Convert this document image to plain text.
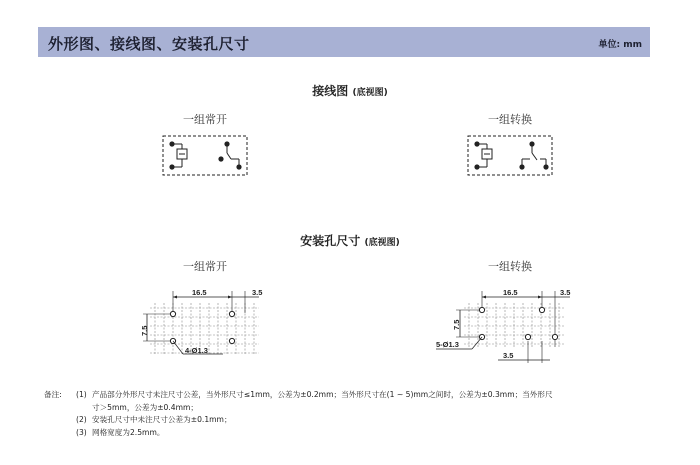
外形图、接线图、安装孔尺寸	单位: mm
接线图 (底视图)
一组常开	一组转换
安装孔尺寸 (底视图)
一组常开	一组转换
16.5	3.5
7.5
4-Ø1.3
16.5	3.5
7.5
5-Ø1.3
3.5
备注: (1) 产品部分外形尺寸未注尺寸公差，当外形尺寸≤1mm，公差为±0.2mm；当外形尺寸在(1 ~ 5)mm之间时，公差为±0.3mm；当外形尺
寸＞5mm，公差为±0.4mm；
(2) 安装孔尺寸中未注尺寸公差为±0.1mm；
(3) 网格宽度为2.5mm。
